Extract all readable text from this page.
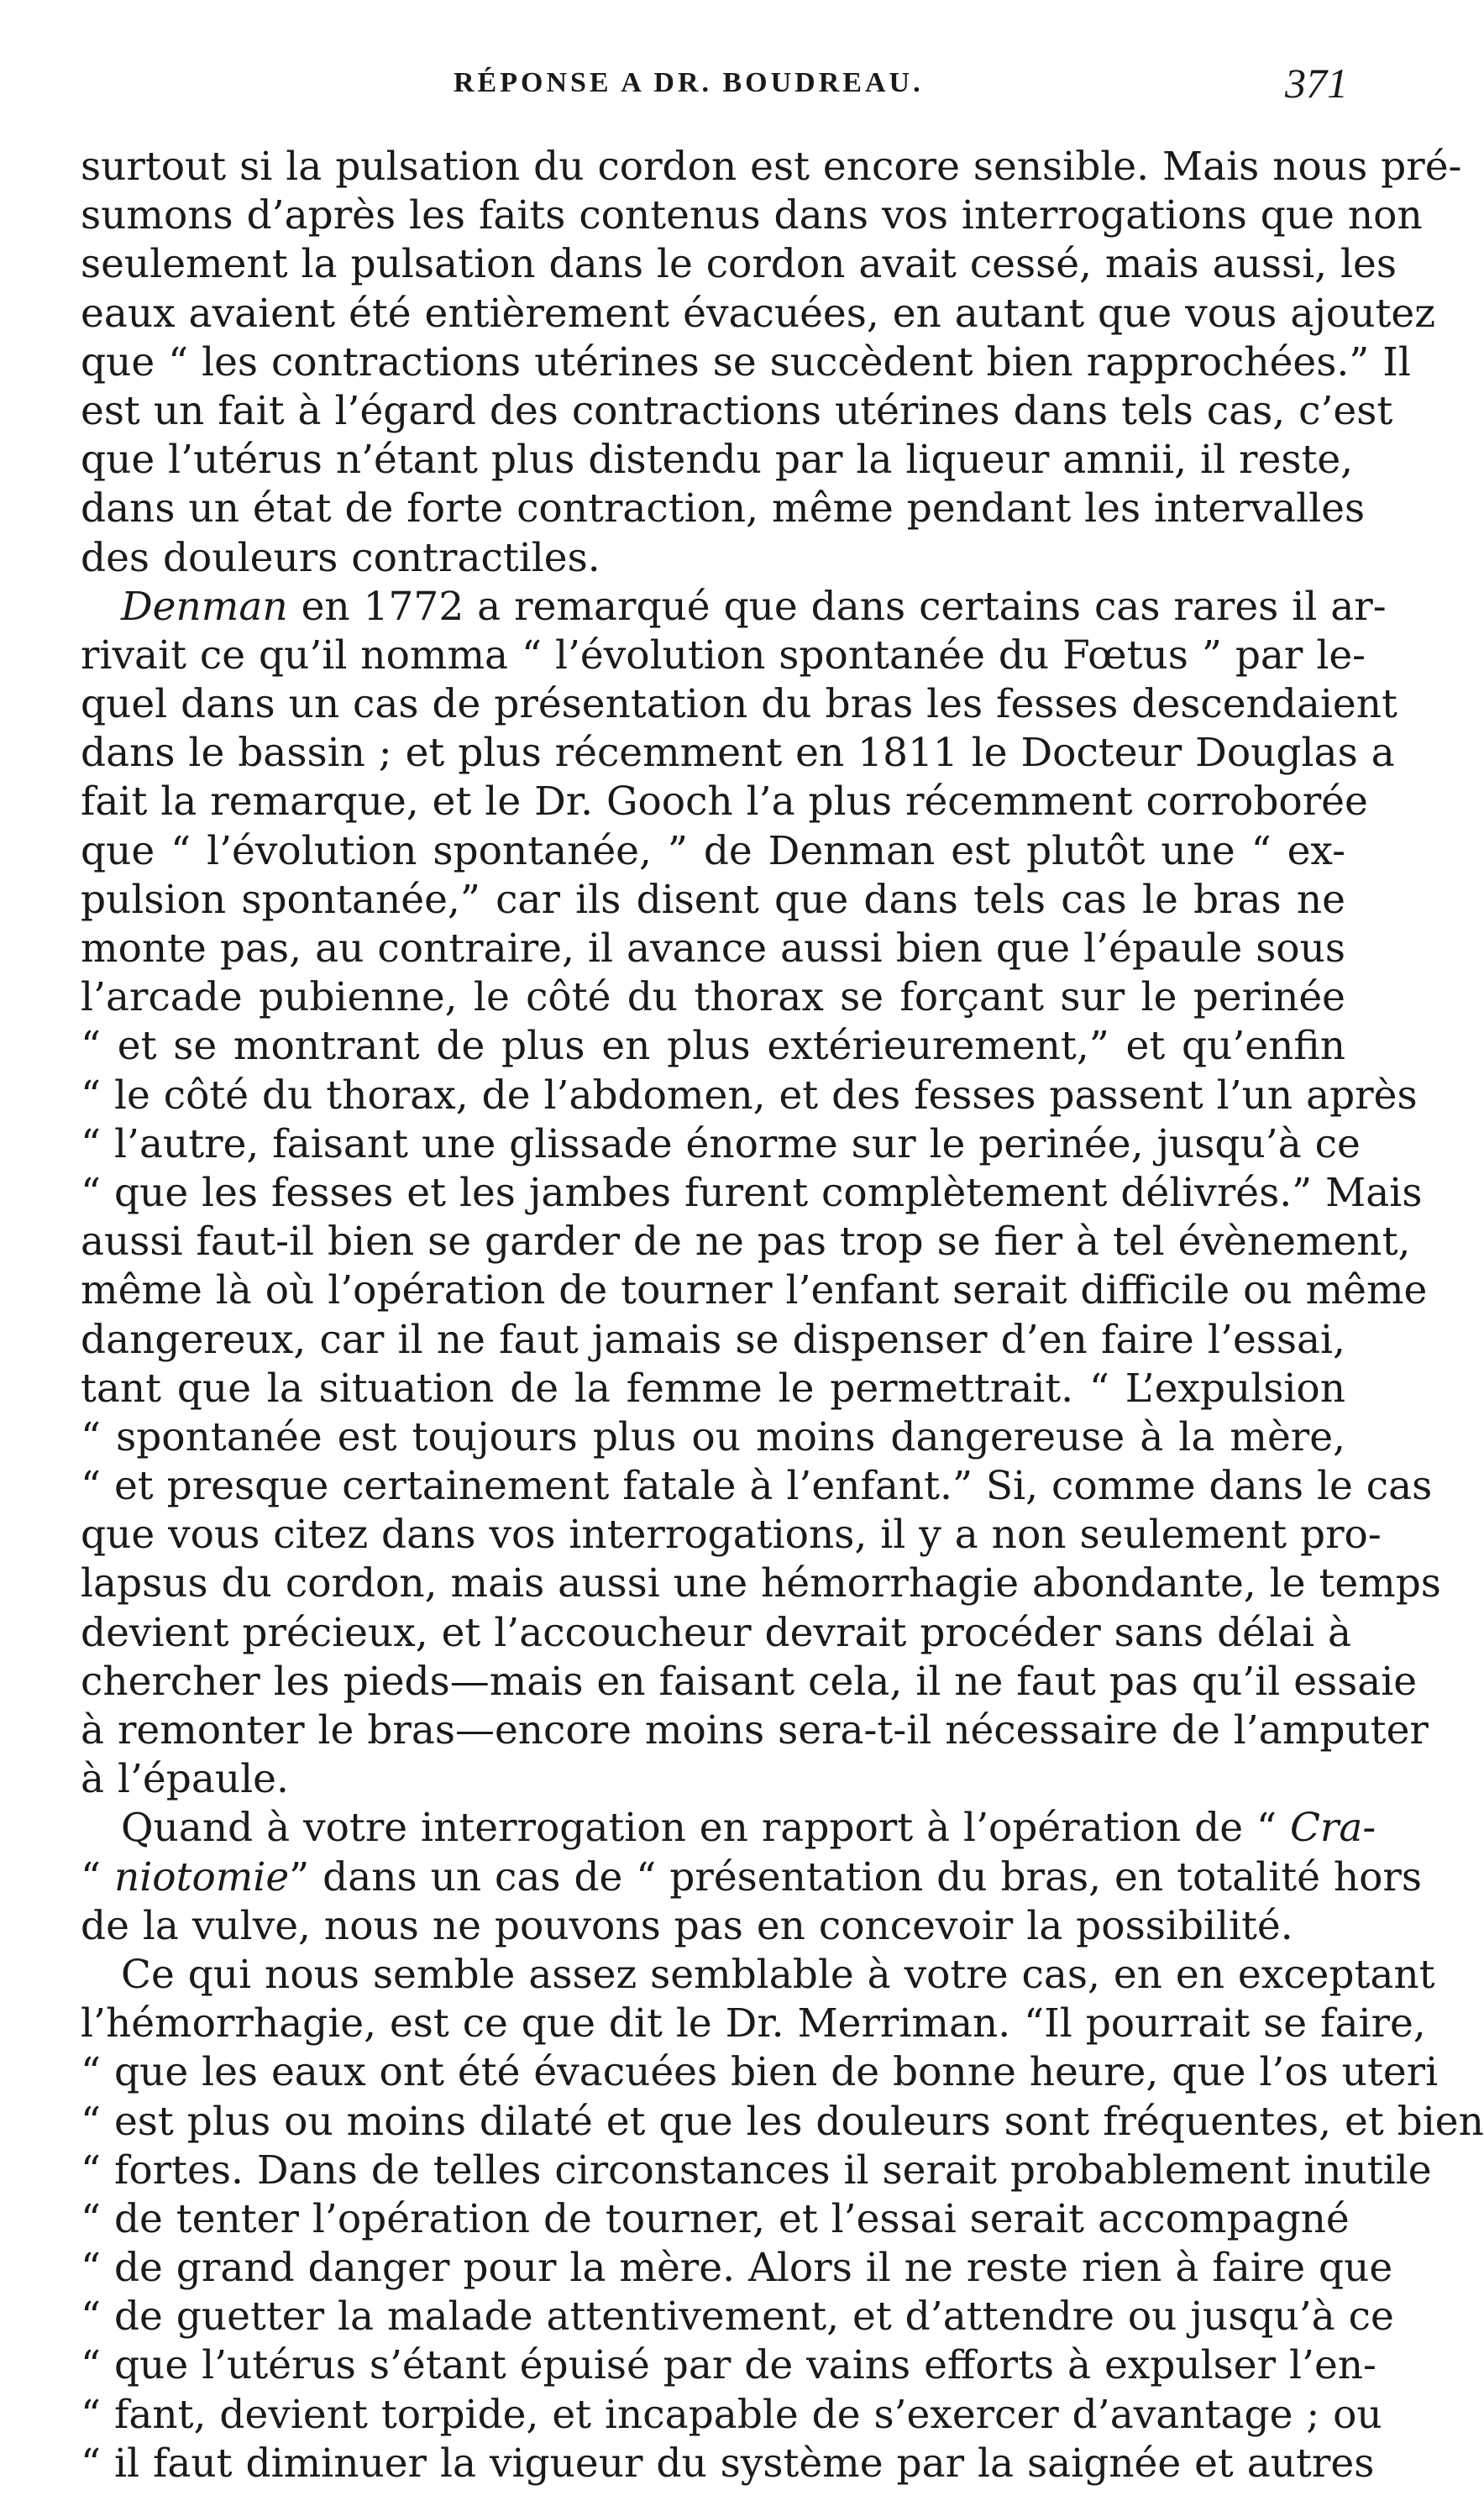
RÉPONSE A DR. BOUDREAU.	371
surtout si la pulsation du cordon est encore sensible. Mais nous pré-
sumons d’après les faits contenus dans vos interrogations que non
seulement la pulsation dans le cordon avait cessé, mais aussi, les
eaux avaient été entièrement évacuées, en autant que vous ajoutez
que “ les contractions utérines se succèdent bien rapprochées.” Il
est un fait à l’égard des contractions utérines dans tels cas, c’est
que l’utérus n’étant plus distendu par la liqueur amnii, il reste,
dans un état de forte contraction, même pendant les intervalles
des douleurs contractiles.
Denman en 1772 a remarqué que dans certains cas rares il ar-
rivait ce qu’il nomma “ l’évolution spontanée du Fœtus ” par le-
quel dans un cas de présentation du bras les fesses descendaient
dans le bassin ; et plus récemment en 1811 le Docteur Douglas a
fait la remarque, et le Dr. Gooch l’a plus récemment corroborée
que “ l’évolution spontanée, ” de Denman est plutôt une “ ex-
pulsion spontanée,” car ils disent que dans tels cas le bras ne
monte pas, au contraire, il avance aussi bien que l’épaule sous
l’arcade pubienne, le côté du thorax se forçant sur le perinée
“ et se montrant de plus en plus extérieurement,” et qu’enfin
“ le côté du thorax, de l’abdomen, et des fesses passent l’un après
“ l’autre, faisant une glissade énorme sur le perinée, jusqu’à ce
“ que les fesses et les jambes furent complètement délivrés.” Mais
aussi faut-il bien se garder de ne pas trop se fier à tel évènement,
même là où l’opération de tourner l’enfant serait difficile ou même
dangereux, car il ne faut jamais se dispenser d’en faire l’essai,
tant que la situation de la femme le permettrait. “ L’expulsion
“ spontanée est toujours plus ou moins dangereuse à la mère,
“ et presque certainement fatale à l’enfant.” Si, comme dans le cas
que vous citez dans vos interrogations, il y a non seulement pro-
lapsus du cordon, mais aussi une hémorrhagie abondante, le temps
devient précieux, et l’accoucheur devrait procéder sans délai à
chercher les pieds—mais en faisant cela, il ne faut pas qu’il essaie
à remonter le bras—encore moins sera-t-il nécessaire de l’amputer
à l’épaule.
Quand à votre interrogation en rapport à l’opération de “ Cra-
“ niotomie” dans un cas de “ présentation du bras, en totalité hors
de la vulve, nous ne pouvons pas en concevoir la possibilité.
Ce qui nous semble assez semblable à votre cas, en en exceptant
l’hémorrhagie, est ce que dit le Dr. Merriman. “Il pourrait se faire,
“ que les eaux ont été évacuées bien de bonne heure, que l’os uteri
“ est plus ou moins dilaté et que les douleurs sont fréquentes, et bien
“ fortes. Dans de telles circonstances il serait probablement inutile
“ de tenter l’opération de tourner, et l’essai serait accompagné
“ de grand danger pour la mère. Alors il ne reste rien à faire que
“ de guetter la malade attentivement, et d’attendre ou jusqu’à ce
“ que l’utérus s’étant épuisé par de vains efforts à expulser l’en-
“ fant, devient torpide, et incapable de s’exercer d’avantage ; ou
“ il faut diminuer la vigueur du système par la saignée et autres
